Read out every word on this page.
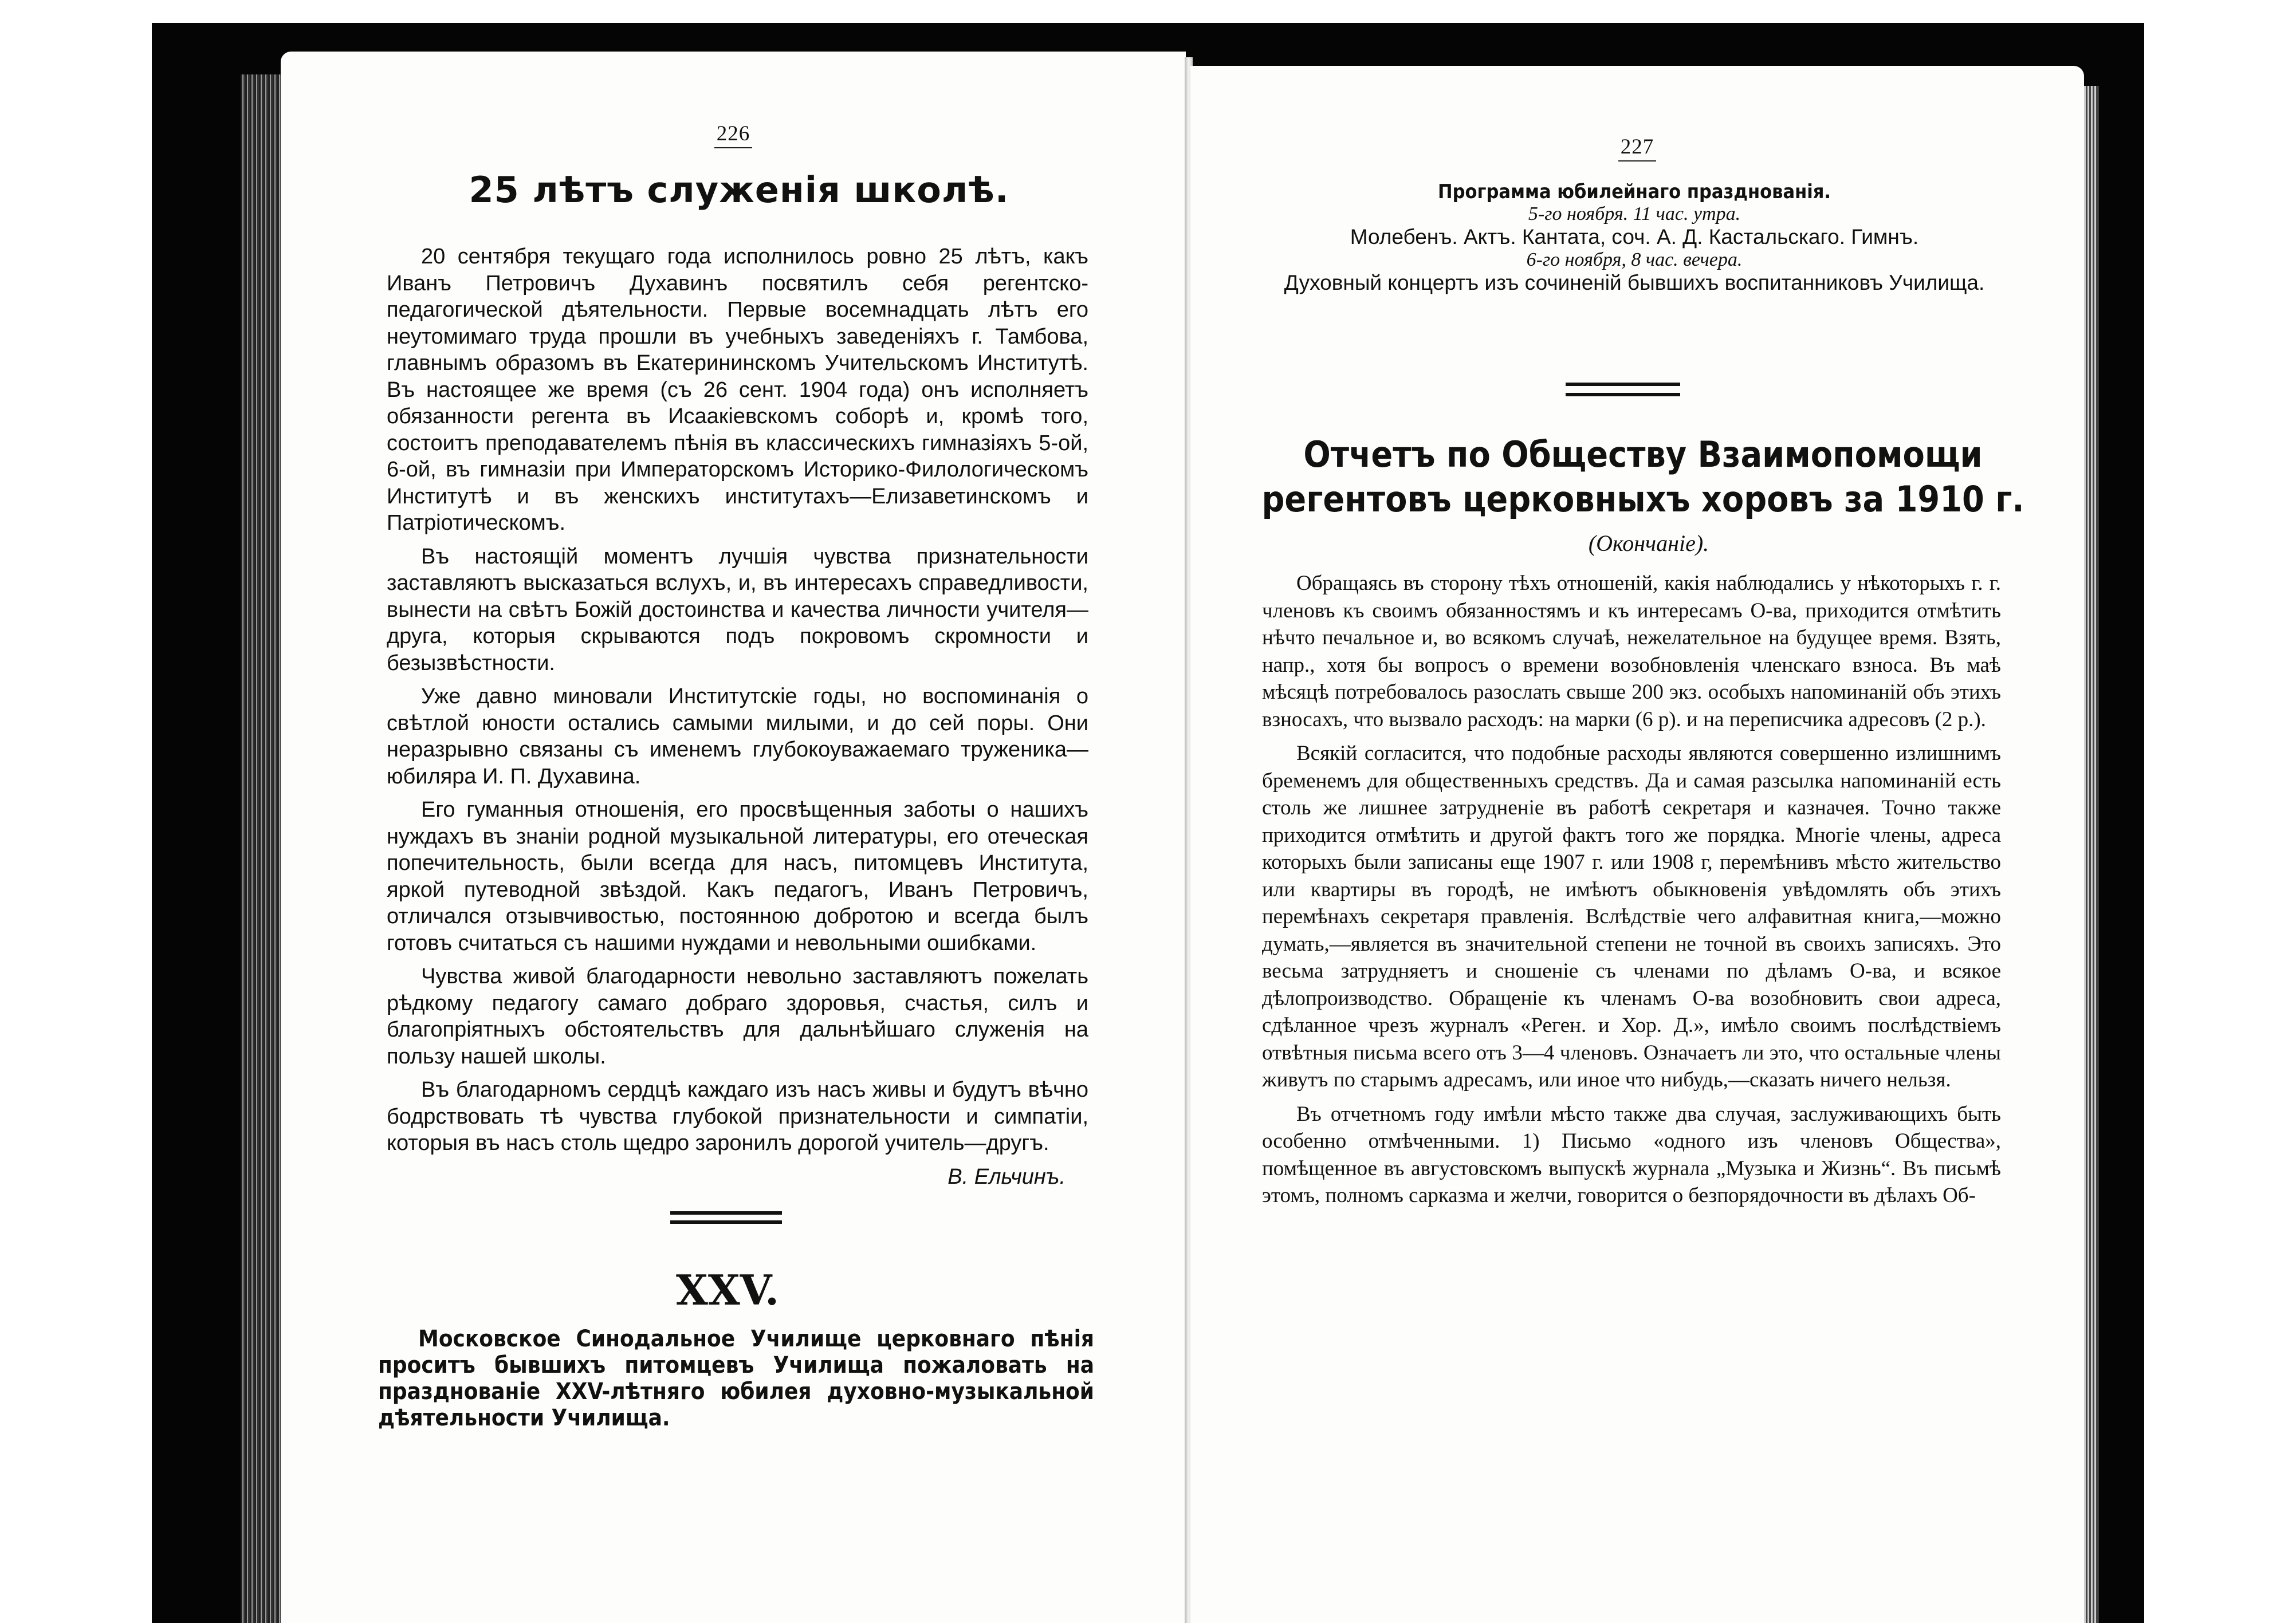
226
25 лѣтъ служенія школѣ.

20 сентября текущаго года исполнилось ровно 25 лѣтъ, какъ Иванъ Петровичъ Духавинъ посвятилъ себя регентско-педагогической дѣятельности. Первые восемнадцать лѣтъ его неутомимаго труда прошли въ учебныхъ заведеніяхъ г. Тамбова, главнымъ образомъ въ Екатерининскомъ Учительскомъ Институтѣ. Въ настоящее же время (съ 26 сент. 1904 года) онъ исполняетъ обязанности регента въ Исаакіевскомъ соборѣ и, кромѣ того, состоитъ преподавателемъ пѣнія въ классическихъ гимназіяхъ 5-ой, 6-ой, въ гимназіи при Императорскомъ Историко-Филологическомъ Институтѣ и въ женскихъ институтахъ—Елизаветинскомъ и Патріотическомъ.

Въ настоящій моментъ лучшія чувства признательности заставляютъ высказаться вслухъ, и, въ интересахъ справедливости, вынести на свѣтъ Божій достоинства и качества личности учителя—друга, которыя скрываются подъ покровомъ скромности и безызвѣстности.

Уже давно миновали Институтскіе годы, но воспоминанія о свѣтлой юности остались самыми милыми, и до сей поры. Они неразрывно связаны съ именемъ глубокоуважаемаго труженика—юбиляра И. П. Духавина.

Его гуманныя отношенія, его просвѣщенныя заботы о нашихъ нуждахъ въ знаніи родной музыкальной литературы, его отеческая попечительность, были всегда для насъ, питомцевъ Института, яркой путеводной звѣздой. Какъ педагогъ, Иванъ Петровичъ, отличался отзывчивостью, постоянною добротою и всегда былъ готовъ считаться съ нашими нуждами и невольными ошибками.

Чувства живой благодарности невольно заставляютъ пожелать рѣдкому педагогу самаго добраго здоровья, счастья, силъ и благопріятныхъ обстоятельствъ для дальнѣйшаго служенія на пользу нашей школы.

Въ благодарномъ сердцѣ каждаго изъ насъ живы и будутъ вѣчно бодрствовать тѣ чувства глубокой признательности и симпатіи, которыя въ насъ столь щедро заронилъ дорогой учитель—другъ.

В. Ельчинъ.
XXV.

Московское Синодальное Училище церковнаго пѣнія проситъ бывшихъ питомцевъ Училища пожаловать на празднованіе XXV-лѣтняго юбилея духовно-музыкальной дѣятельности Училища.

227
Программа юбилейнаго празднованія.
5-го ноября. 11 час. утра.
Молебенъ. Актъ. Кантата, соч. А. Д. Кастальскаго. Гимнъ.
6-го ноября, 8 час. вечера.
Духовный концертъ изъ сочиненій бывшихъ воспитанниковъ Училища.
Отчетъ по Обществу Взаимопомощи
регентовъ церковныхъ хоровъ за 1910 г.
(Окончаніе).

Обращаясь въ сторону тѣхъ отношеній, какія наблюдались у нѣкоторыхъ г. г. членовъ къ своимъ обязанностямъ и къ интересамъ О-ва, приходится отмѣтить нѣчто печальное и, во всякомъ случаѣ, нежелательное на будущее время. Взять, напр., хотя бы вопросъ о времени возобновленія членскаго взноса. Въ маѣ мѣсяцѣ потребовалось разослать свыше 200 экз. особыхъ напоминаній объ этихъ взносахъ, что вызвало расходъ: на марки (6 р). и на переписчика адресовъ (2 р.).

Всякій согласится, что подобные расходы являются совершенно излишнимъ бременемъ для общественныхъ средствъ. Да и самая разсылка напоминаній есть столь же лишнее затрудненіе въ работѣ секретаря и казначея. Точно также приходится отмѣтить и другой фактъ того же порядка. Многіе члены, адреса которыхъ были записаны еще 1907 г. или 1908 г, перемѣнивъ мѣсто жительство или квартиры въ городѣ, не имѣютъ обыкновенія увѣдомлять объ этихъ перемѣнахъ секретаря правленія. Вслѣдствіе чего алфавитная книга,—можно думать,—является въ значительной степени не точной въ своихъ записяхъ. Это весьма затрудняетъ и сношеніе съ членами по дѣламъ О-ва, и всякое дѣлопроизводство. Обращеніе къ членамъ О-ва возобновить свои адреса, сдѣланное чрезъ журналъ «Реген. и Хор. Д.», имѣло своимъ послѣдствіемъ отвѣтныя письма всего отъ 3—4 членовъ. Означаетъ ли это, что остальные члены живутъ по старымъ адресамъ, или иное что нибудь,—сказать ничего нельзя.

Въ отчетномъ году имѣли мѣсто также два случая, заслуживающихъ быть особенно отмѣченными. 1) Письмо «одного изъ членовъ Общества», помѣщенное въ августовскомъ выпускѣ журнала „Музыка и Жизнь“. Въ письмѣ этомъ, полномъ сарказма и желчи, говорится о безпорядочности въ дѣлахъ Об-
